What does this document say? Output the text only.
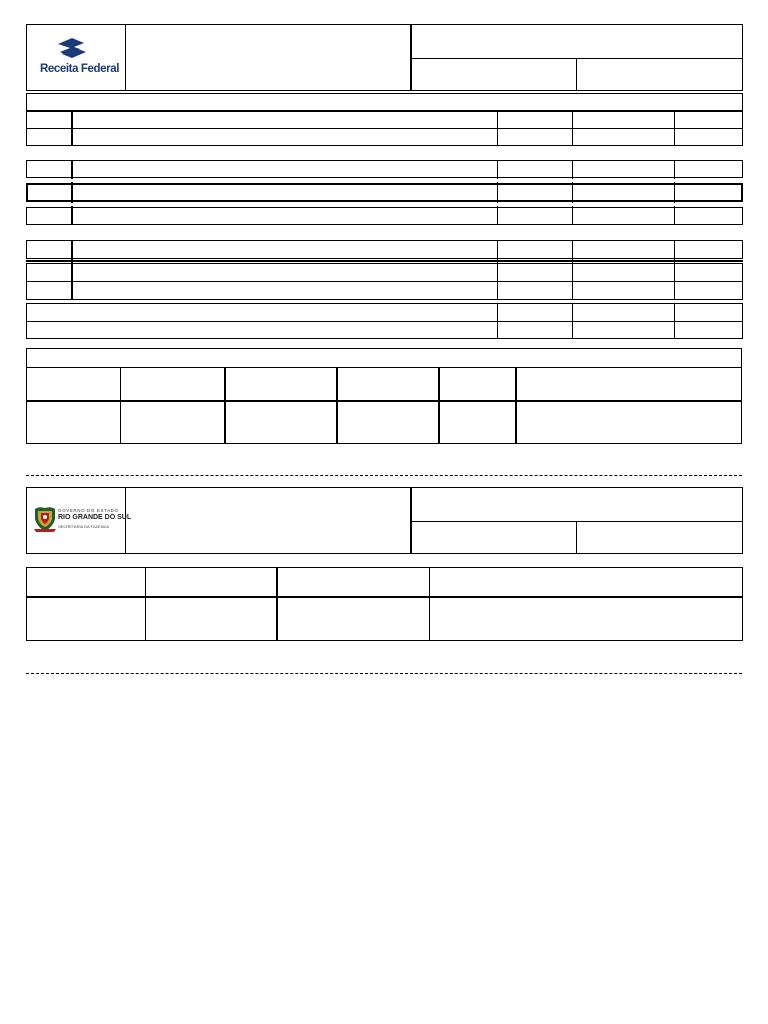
Receita Federal
GOVERNO DO ESTADO
RIO GRANDE DO SUL
SECRETARIA DA FAZENDA
